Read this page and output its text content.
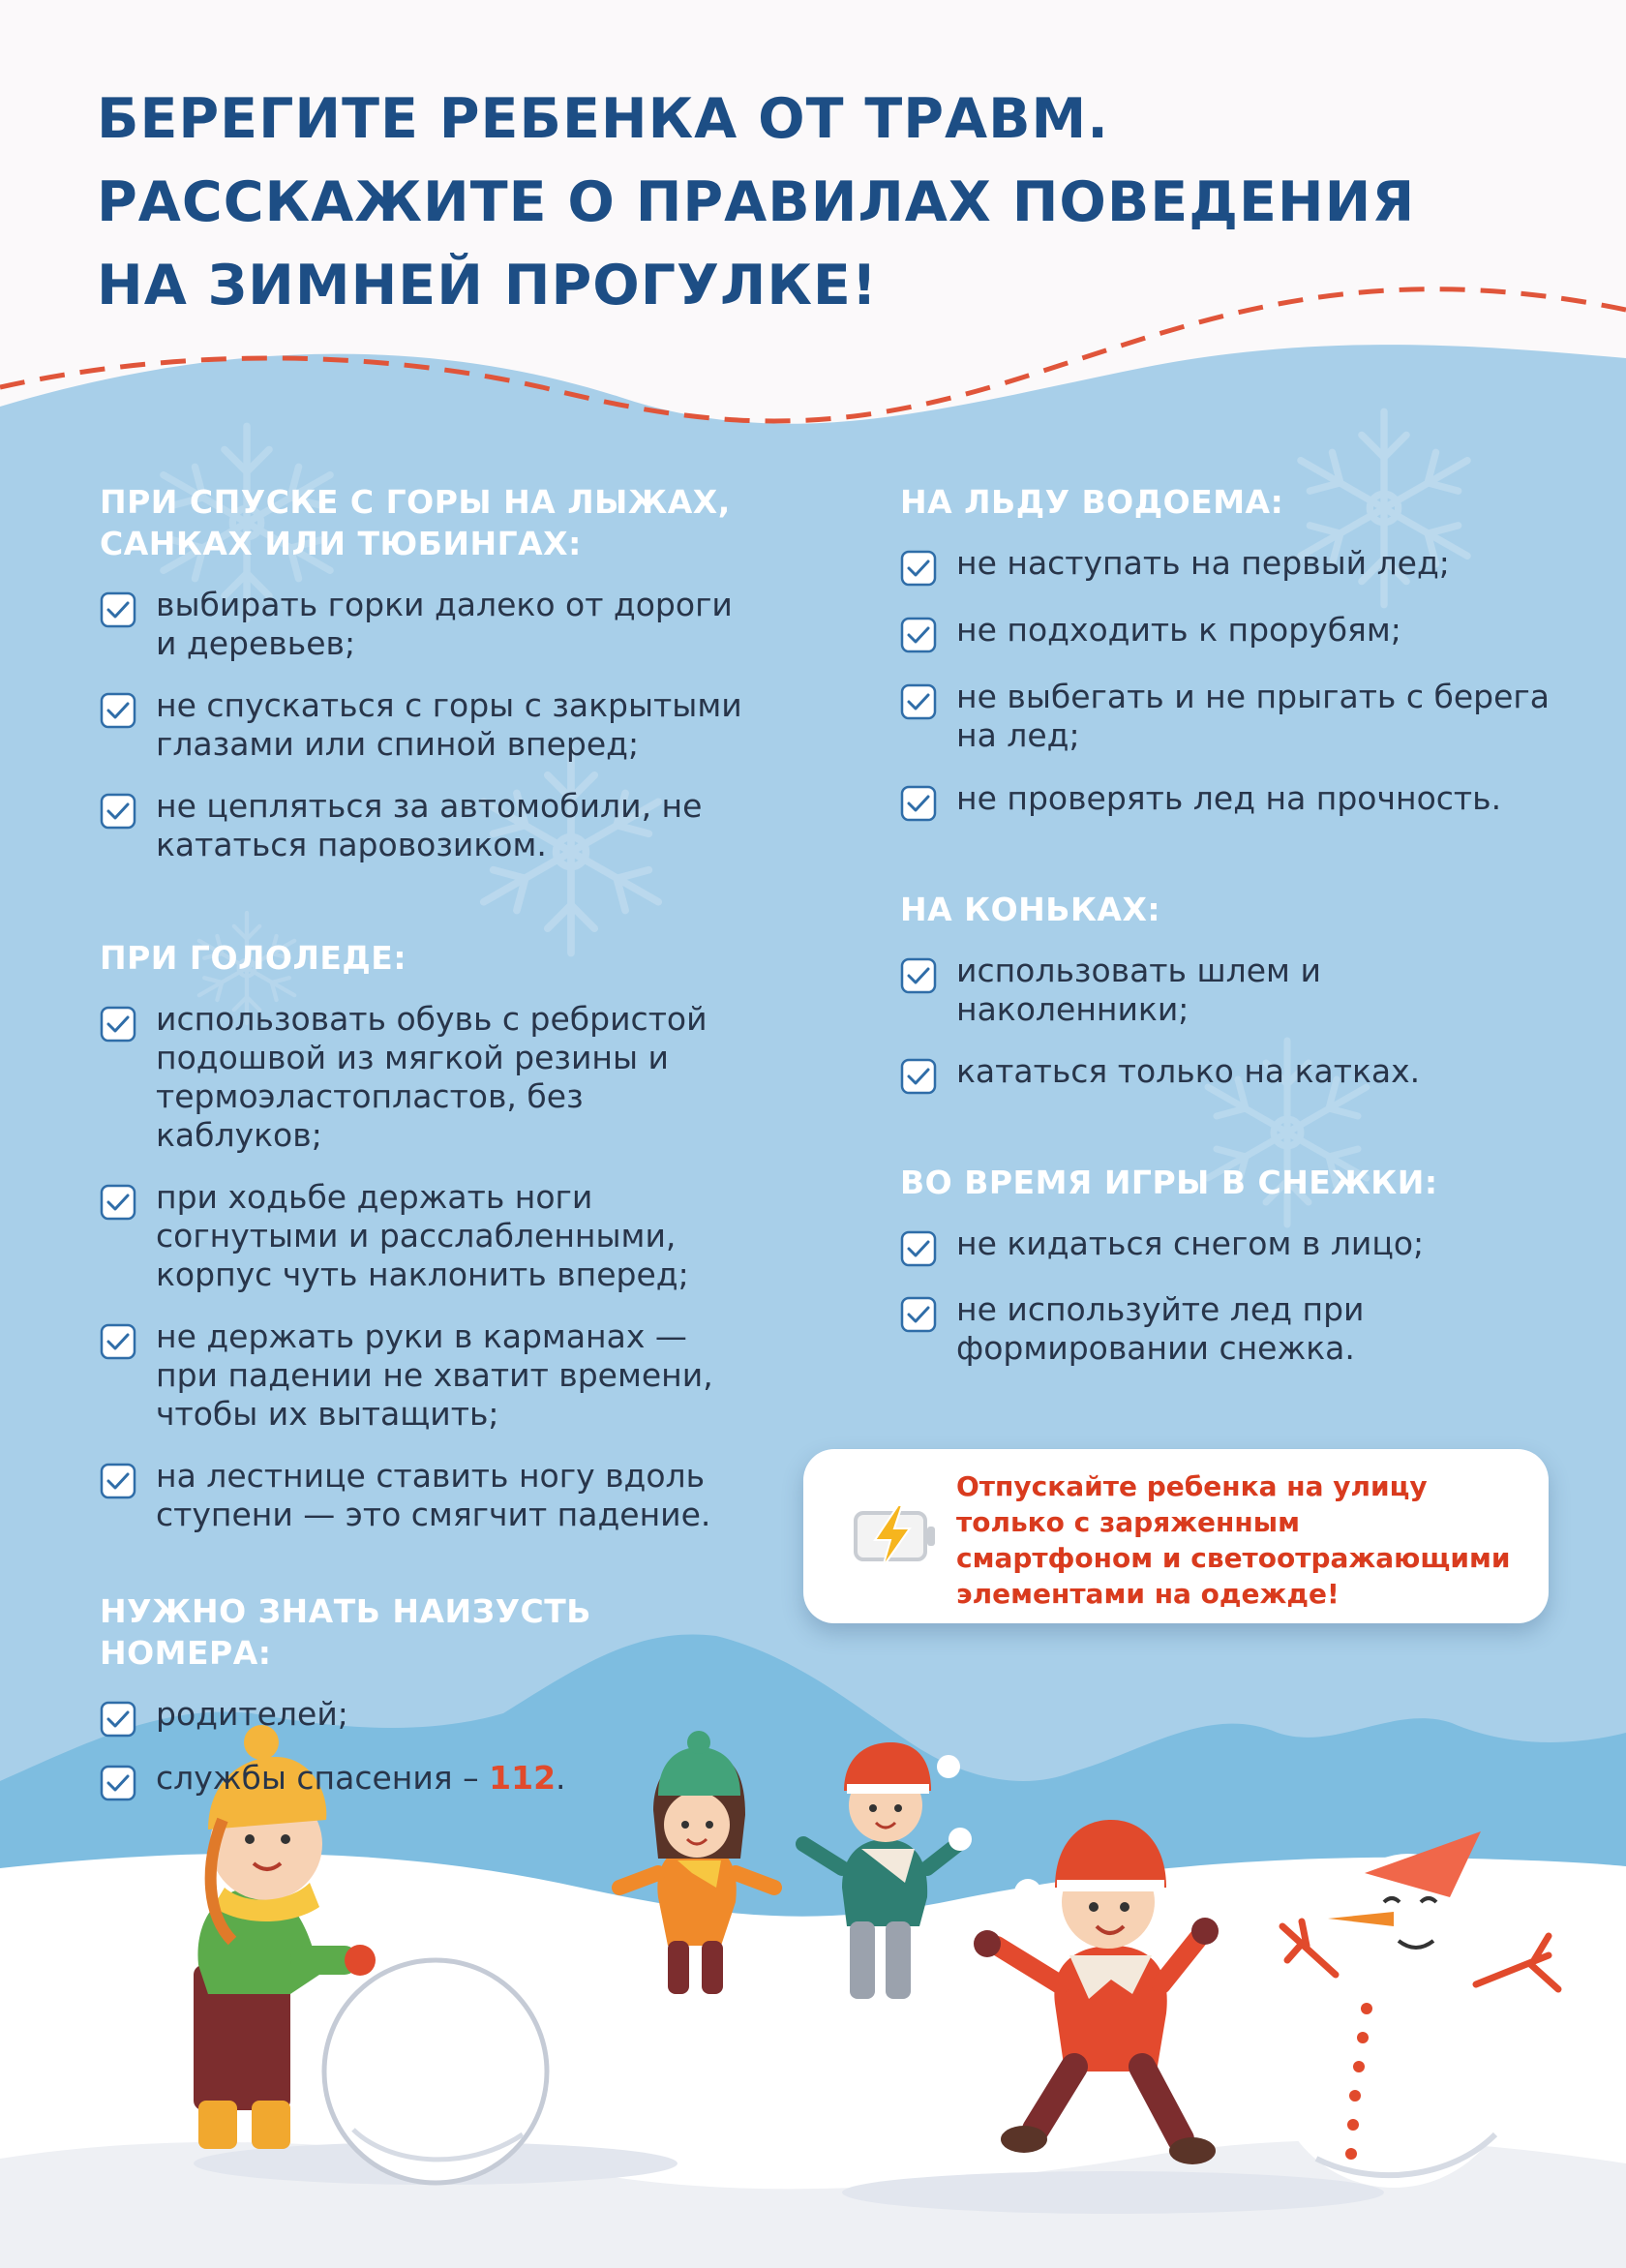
БЕРЕГИТЕ РЕБЕНКА ОТ ТРАВМ.
РАССКАЖИТЕ О ПРАВИЛАХ ПОВЕДЕНИЯ
НА ЗИМНЕЙ ПРОГУЛКЕ!
ПРИ СПУСКЕ С ГОРЫ НА ЛЫЖАХ,
САНКАХ ИЛИ ТЮБИНГАХ:
выбирать горки далеко от дороги
и деревьев;
не спускаться с горы с закрытыми
глазами или спиной вперед;
не цепляться за автомобили, не
кататься паровозиком.
ПРИ ГОЛОЛЕДЕ:
использовать обувь с ребристой
подошвой из мягкой резины и
термоэластопластов, без
каблуков;
при ходьбе держать ноги
согнутыми и расслабленными,
корпус чуть наклонить вперед;
не держать руки в карманах —
при падении не хватит времени,
чтобы их вытащить;
на лестнице ставить ногу вдоль
ступени — это смягчит падение.
НУЖНО ЗНАТЬ НАИЗУСТЬ
НОМЕРА:
родителей;
службы спасения – 112.
НА ЛЬДУ ВОДОЕМА:
не наступать на первый лед;
не подходить к прорубям;
не выбегать и не прыгать с берега
на лед;
не проверять лед на прочность.
НА КОНЬКАХ:
использовать шлем и
наколенники;
кататься только на катках.
ВО ВРЕМЯ ИГРЫ В СНЕЖКИ:
не кидаться снегом в лицо;
не используйте лед при
формировании снежка.

Отпускайте ребенка на улицу
только с заряженным
смартфоном и светоотражающими
элементами на одежде!
